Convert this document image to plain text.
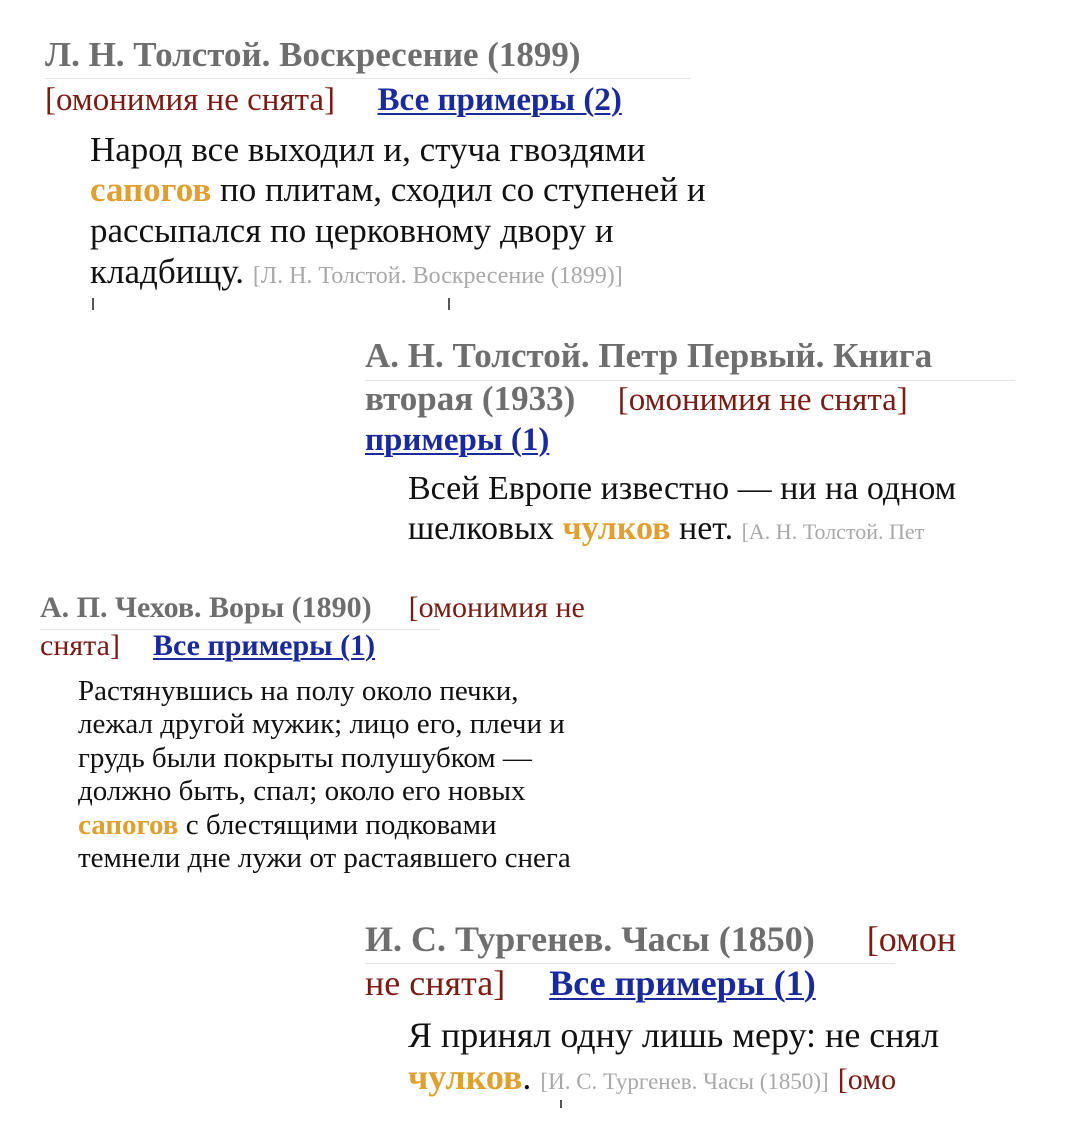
Л. Н. Толстой. Воскресение (1899)
[омонимия не снята] Все примеры (2)
Народ все выходил и, стуча гвоздями
сапогов по плитам, сходил со ступеней и
рассыпался по церковному двору и
кладбищу. [Л. Н. Толстой. Воскресение (1899)]
А. Н. Толстой. Петр Первый. Книга
вторая (1933) [омонимия не снята]
примеры (1)
Всей Европе известно — ни на одном
шелковых чулков нет. [А. Н. Толстой. Пет
А. П. Чехов. Воры (1890) [омонимия не
снята] Все примеры (1)
Растянувшись на полу около печки,
лежал другой мужик; лицо его, плечи и
грудь были покрыты полушубком —
должно быть, спал; около его новых
сапогов с блестящими подковами
темнели дне лужи от растаявшего снега
И. С. Тургенев. Часы (1850) [омон
не снята] Все примеры (1)
Я принял одну лишь меру: не снял
чулков. [И. С. Тургенев. Часы (1850)] [омо
